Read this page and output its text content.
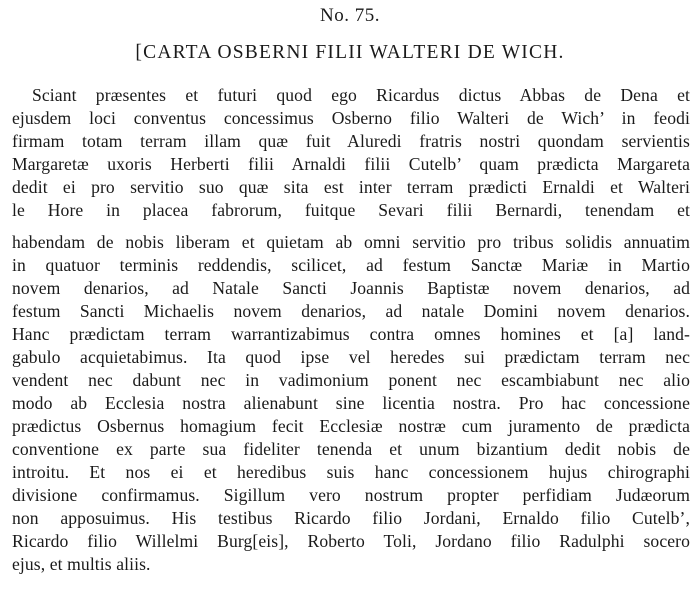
No. 75.
[CARTA OSBERNI FILII WALTERI DE WICH.
Sciant præsentes et futuri quod ego Ricardus dictus Abbas de Dena et
ejusdem loci conventus concessimus Osberno filio Walteri de Wich’ in feodi
firmam totam terram illam quæ fuit Aluredi fratris nostri quondam servientis
Margaretæ uxoris Herberti filii Arnaldi filii Cutelb’ quam prædicta Margareta
dedit ei pro servitio suo quæ sita est inter terram prædicti Ernaldi et Walteri
le Hore in placea fabrorum, fuitque Sevari filii Bernardi, tenendam et
habendam de nobis liberam et quietam ab omni servitio pro tribus solidis annuatim
in quatuor terminis reddendis, scilicet, ad festum Sanctæ Mariæ in Martio
novem denarios, ad Natale Sancti Joannis Baptistæ novem denarios, ad
festum Sancti Michaelis novem denarios, ad natale Domini novem denarios.
Hanc prædictam terram warrantizabimus contra omnes homines et [a] land-
gabulo acquietabimus. Ita quod ipse vel heredes sui prædictam terram nec
vendent nec dabunt nec in vadimonium ponent nec escambiabunt nec alio
modo ab Ecclesia nostra alienabunt sine licentia nostra. Pro hac concessione
prædictus Osbernus homagium fecit Ecclesiæ nostræ cum juramento de prædicta
conventione ex parte sua fideliter tenenda et unum bizantium dedit nobis de
introitu. Et nos ei et heredibus suis hanc concessionem hujus chirographi
divisione confirmamus. Sigillum vero nostrum propter perfidiam Judæorum
non apposuimus. His testibus Ricardo filio Jordani, Ernaldo filio Cutelb’,
Ricardo filio Willelmi Burg[eis], Roberto Toli, Jordano filio Radulphi socero
ejus, et multis aliis.
